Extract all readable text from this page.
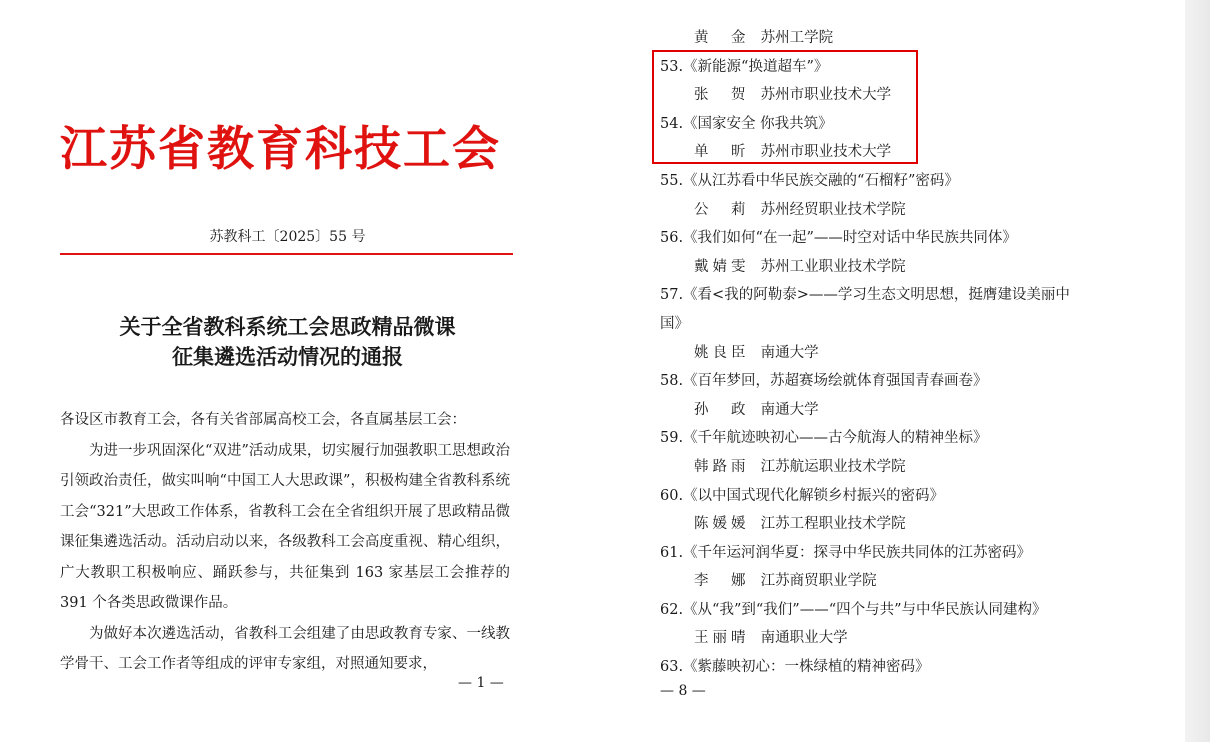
江苏省教育科技工会
苏教科工〔2025〕55 号
关于全省教科系统工会思政精品微课
征集遴选活动情况的通报

各设区市教育工会，各有关省部属高校工会，各直属基层工会：

为进一步巩固深化“双进”活动成果，切实履行加强教职工思想政治引领政治责任，做实叫响“中国工人大思政课”，积极构建全省教科系统工会“321”大思政工作体系，省教科工会在全省组织开展了思政精品微课征集遴选活动。活动启动以来，各级教科工会高度重视、精心组织，广大教职工积极响应、踊跃参与，共征集到 163 家基层工会推荐的 391 个各类思政微课作品。

为做好本次遴选活动，省教科工会组建了由思政教育专家、一线教学骨干、工会工作者等组成的评审专家组，对照通知要求，

— 1 —
黄　金 苏州工学院
53.《新能源“换道超车”》
张　贺 苏州市职业技术大学
54.《国家安全 你我共筑》
单　昕 苏州市职业技术大学
55.《从江苏看中华民族交融的“石榴籽”密码》
公　莉 苏州经贸职业技术学院
56.《我们如何“在一起”——时空对话中华民族共同体》
戴婧雯 苏州工业职业技术学院
57.《看<我的阿勒泰>——学习生态文明思想，挺膺建设美丽中
国》
姚良臣 南通大学
58.《百年梦回，苏超赛场绘就体育强国青春画卷》
孙　政 南通大学
59.《千年航迹映初心——古今航海人的精神坐标》
韩路雨 江苏航运职业技术学院
60.《以中国式现代化解锁乡村振兴的密码》
陈媛媛 江苏工程职业技术学院
61.《千年运河润华夏：探寻中华民族共同体的江苏密码》
李　娜 江苏商贸职业学院
62.《从“我”到“我们”——“四个与共”与中华民族认同建构》
王丽晴 南通职业大学
63.《紫藤映初心：一株绿植的精神密码》
— 8 —
